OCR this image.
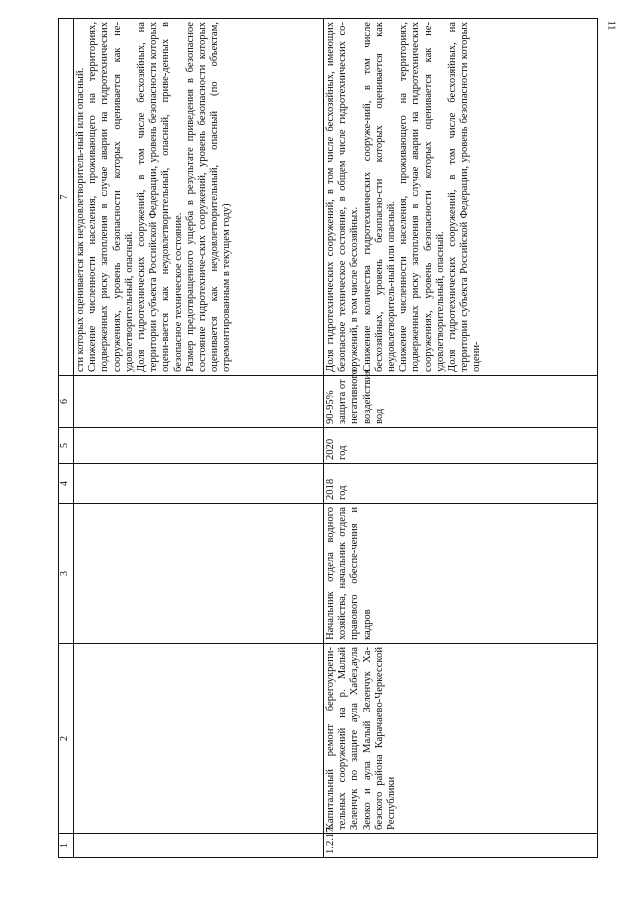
11
1	2	3	4	5	6	7

						сти которых оценивается как неудовлетворитель-ный или опасный. Снижение численности населения, проживающего на территориях, подверженных риску затопления в случае аварии на гидротехнических сооружениях, уровень безопасности которых оценивается как не-удовлетворительный, опасный. Доля гидротехнических сооружений, в том числе бесхозяйных, на территории субъекта Российской Федерации, уровень безопасности которых оцени-вается как неудовлетворительный, опасный, приве-денных в безопасное техническое состояние. Размер предотвращенного ущерба в результате приведения в безопасное состояние гидротехниче-ских сооружений, уровень безопасности которых оценивается как неудовлетворительный, опасный (по объектам, отремонтированным в текущем году)

1.2.17.	Капитальный ремонт берегоукрепи-тельных сооружений на р. Малый Зеленчук по защите аула Хабез,аула Зеюко и аула Малый Зеленчук Ха-безского района Карачаево-Черкесской Республики	Начальник отдела водного хозяйства, начальник отдела правового обеспе-чения и кадров	2018 год	2020 год	90-95% защита от негативного воздействия вод	Доля гидротехнических сооружений, в том числе бесхозяйных, имеющих безопасное техническое состояние, в общем числе гидротехнических со-оружений, в том числе бесхозяйных. Снижение количества гидротехнических сооруже-ний, в том числе бесхозяйных, уровень безопасно-сти которых оценивается как неудовлетворитель-ный или опасный. Снижение численности населения, проживающего на территориях, подверженных риску затопления в случае аварии на гидротехнических сооружениях, уровень безопасности которых оценивается как не-удовлетворительный, опасный. Доля гидротехнических сооружений, в том числе бесхозяйных, на территории субъекта Российской Федерации, уровень безопасности которых оцени-
